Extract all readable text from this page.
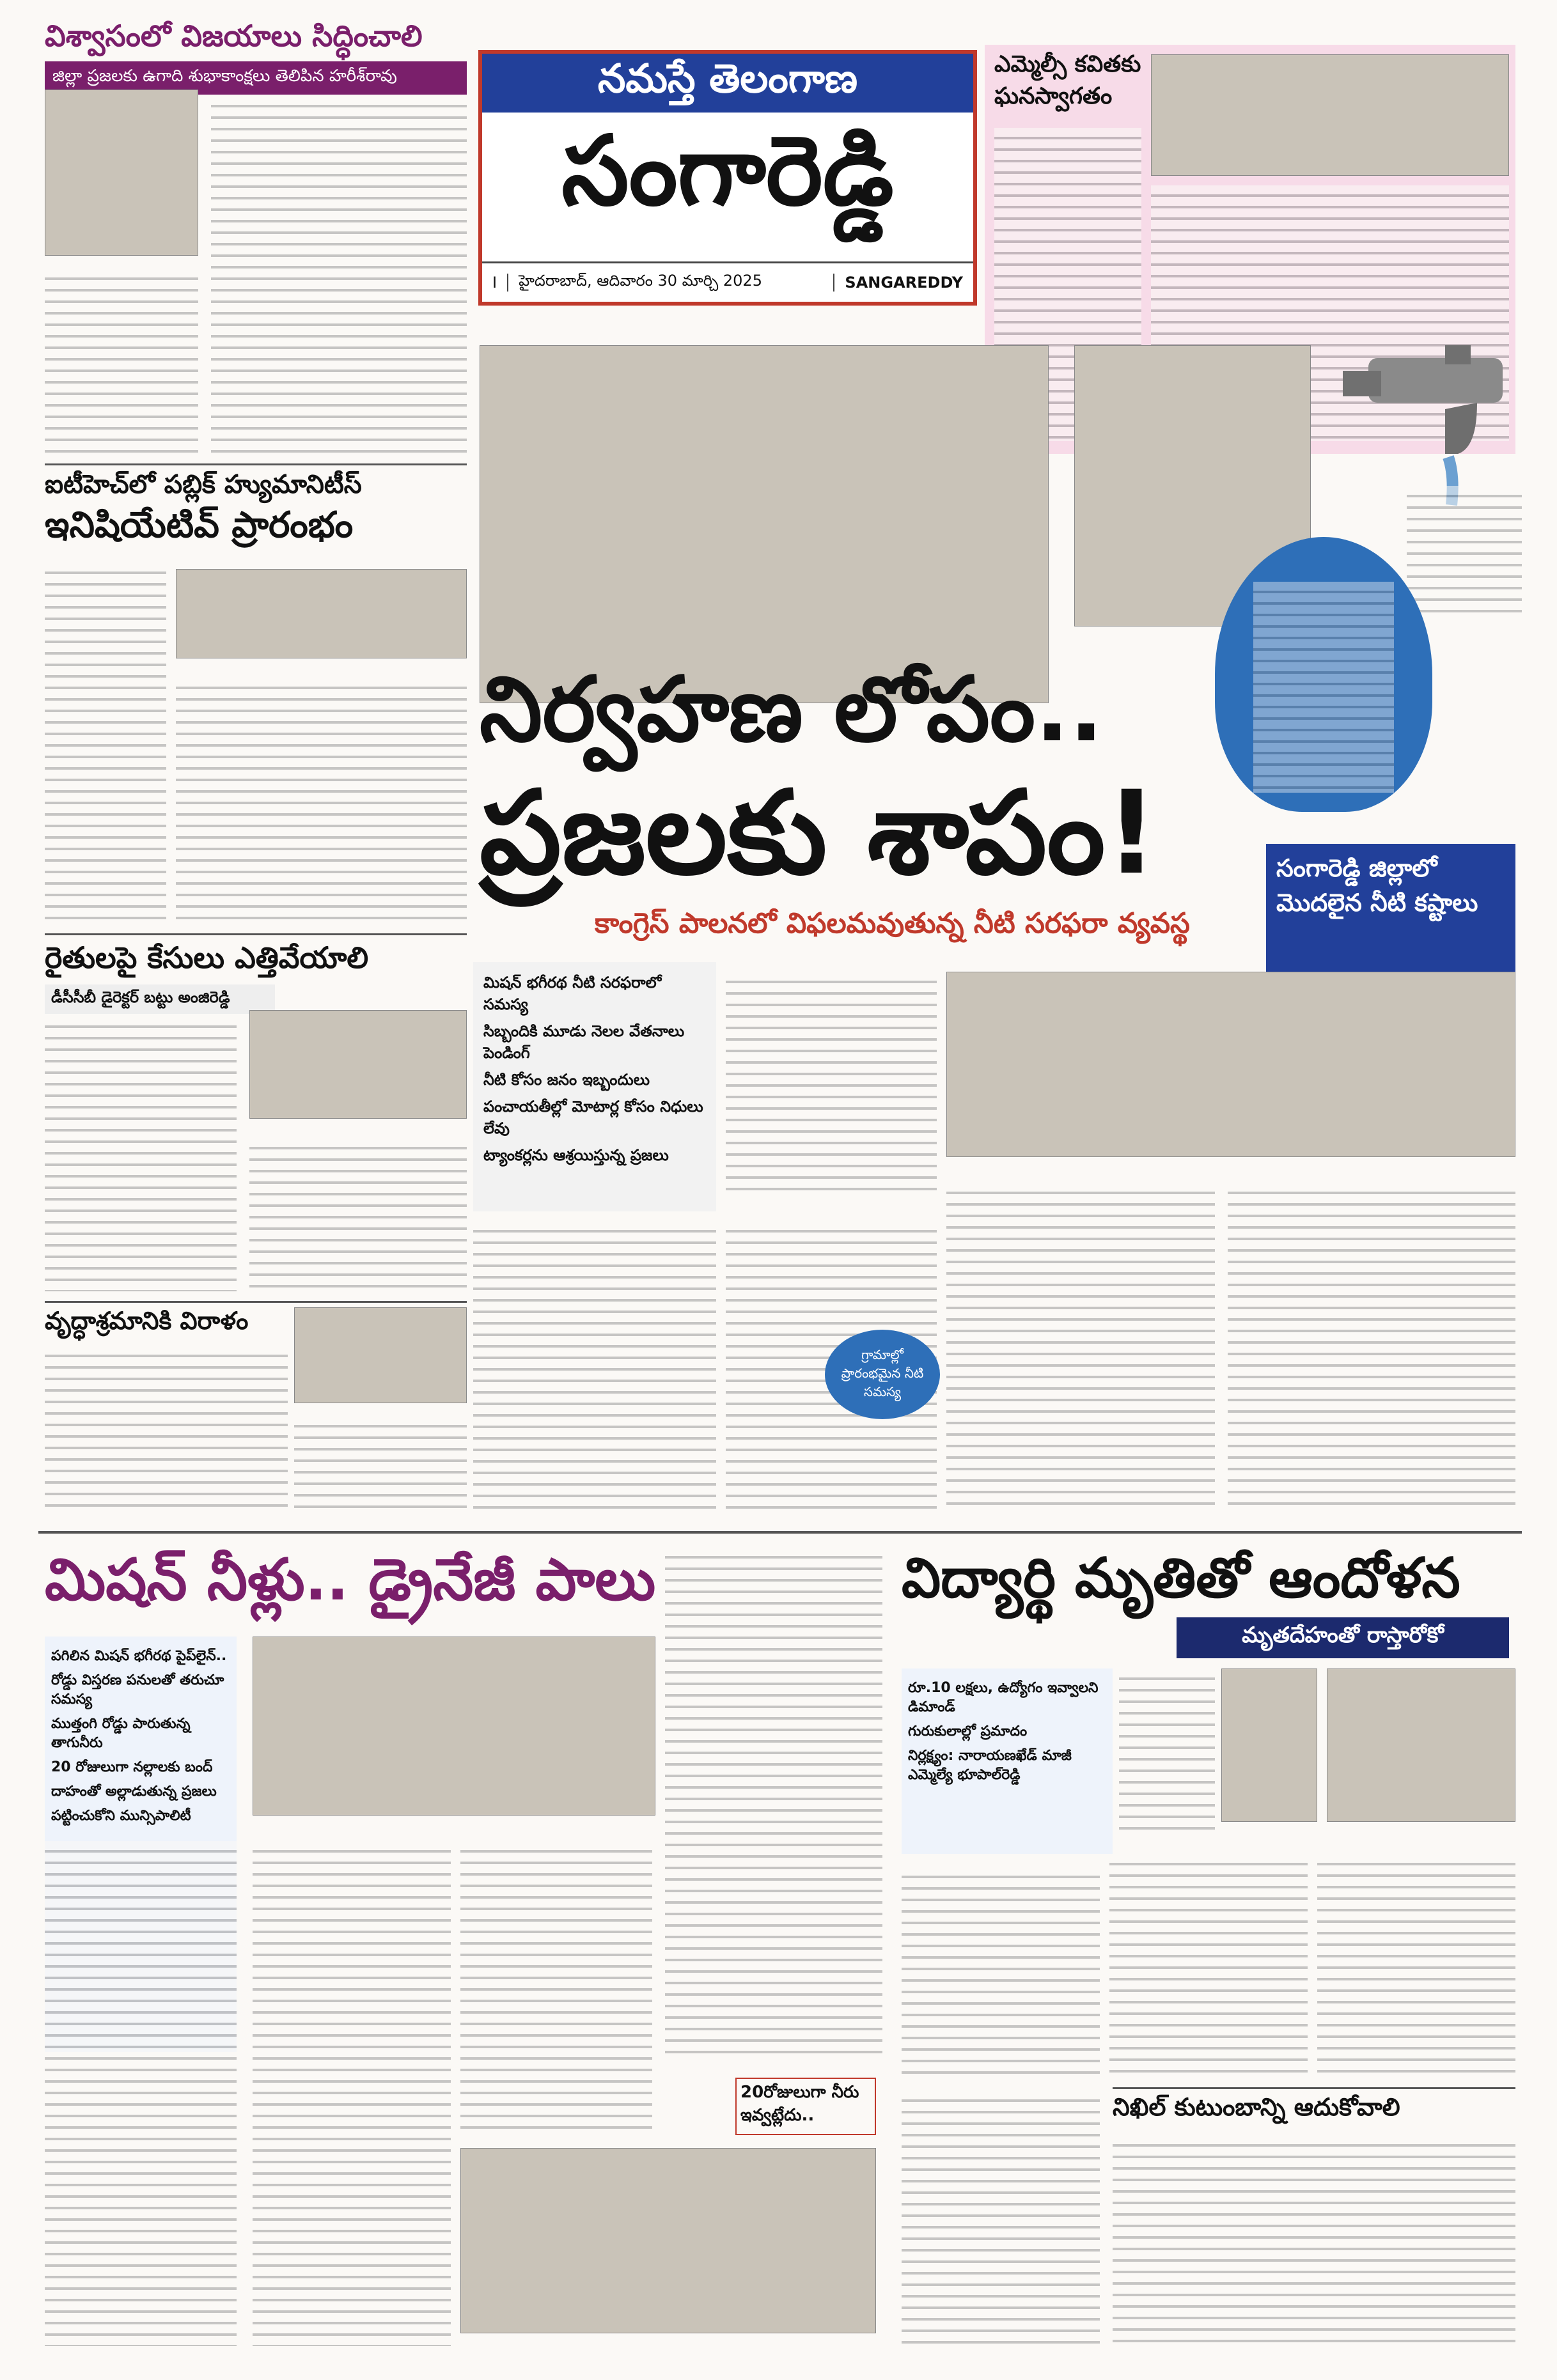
నమస్తే తెలంగాణ
సంగారెడ్డి
I	హైదరాబాద్, ఆదివారం 30 మార్చి 2025	SANGAREDDY
విశ్వాసంలో విజయాలు సిద్ధించాలి
జిల్లా ప్రజలకు ఉగాది శుభాకాంక్షలు తెలిపిన హరీశ్‌రావు
ఐటీహెచ్‌లో పబ్లిక్ హ్యుమానిటీస్
ఇనిషియేటివ్ ప్రారంభం
రైతులపై కేసులు ఎత్తివేయాలి
డీసీసీబీ డైరెక్టర్ బట్టు అంజిరెడ్డి
వృద్ధాశ్రమానికి విరాళం
ఎమ్మెల్సీ కవితకు
ఘనస్వాగతం
నిర్వహణ లోపం..
ప్రజలకు శాపం!
కాంగ్రెస్ పాలనలో విఫలమవుతున్న నీటి సరఫరా వ్యవస్థ
సంగారెడ్డి జిల్లాలో మొదలైన నీటి కష్టాలు
మిషన్ భగీరథ నీటి సరఫరాలో సమస్య
సిబ్బందికి మూడు నెలల వేతనాలు పెండింగ్
నీటి కోసం జనం ఇబ్బందులు
పంచాయతీల్లో మోటార్ల కోసం నిధులు లేవు
ట్యాంకర్లను ఆశ్రయిస్తున్న ప్రజలు
గ్రామాల్లో ప్రారంభమైన నీటి సమస్య
మిషన్ నీళ్లు.. డ్రైనేజీ పాలు
పగిలిన మిషన్ భగీరథ పైప్‌లైన్..
రోడ్డు విస్తరణ పనులతో తరుచూ సమస్య
ముత్తంగి రోడ్డు పారుతున్న తాగునీరు
20 రోజులుగా నల్లాలకు బంద్
దాహంతో అల్లాడుతున్న ప్రజలు
పట్టించుకోని మున్సిపాలిటీ
20రోజులుగా నీరు ఇవ్వట్లేదు..
విద్యార్థి మృతితో ఆందోళన
మృతదేహంతో రాస్తారోకో
రూ.10 లక్షలు, ఉద్యోగం ఇవ్వాలని డిమాండ్
గురుకులాల్లో ప్రమాదం
నిర్లక్ష్యం: నారాయణఖేడ్ మాజీ ఎమ్మెల్యే భూపాల్‌రెడ్డి
నిఖిల్ కుటుంబాన్ని ఆదుకోవాలి
